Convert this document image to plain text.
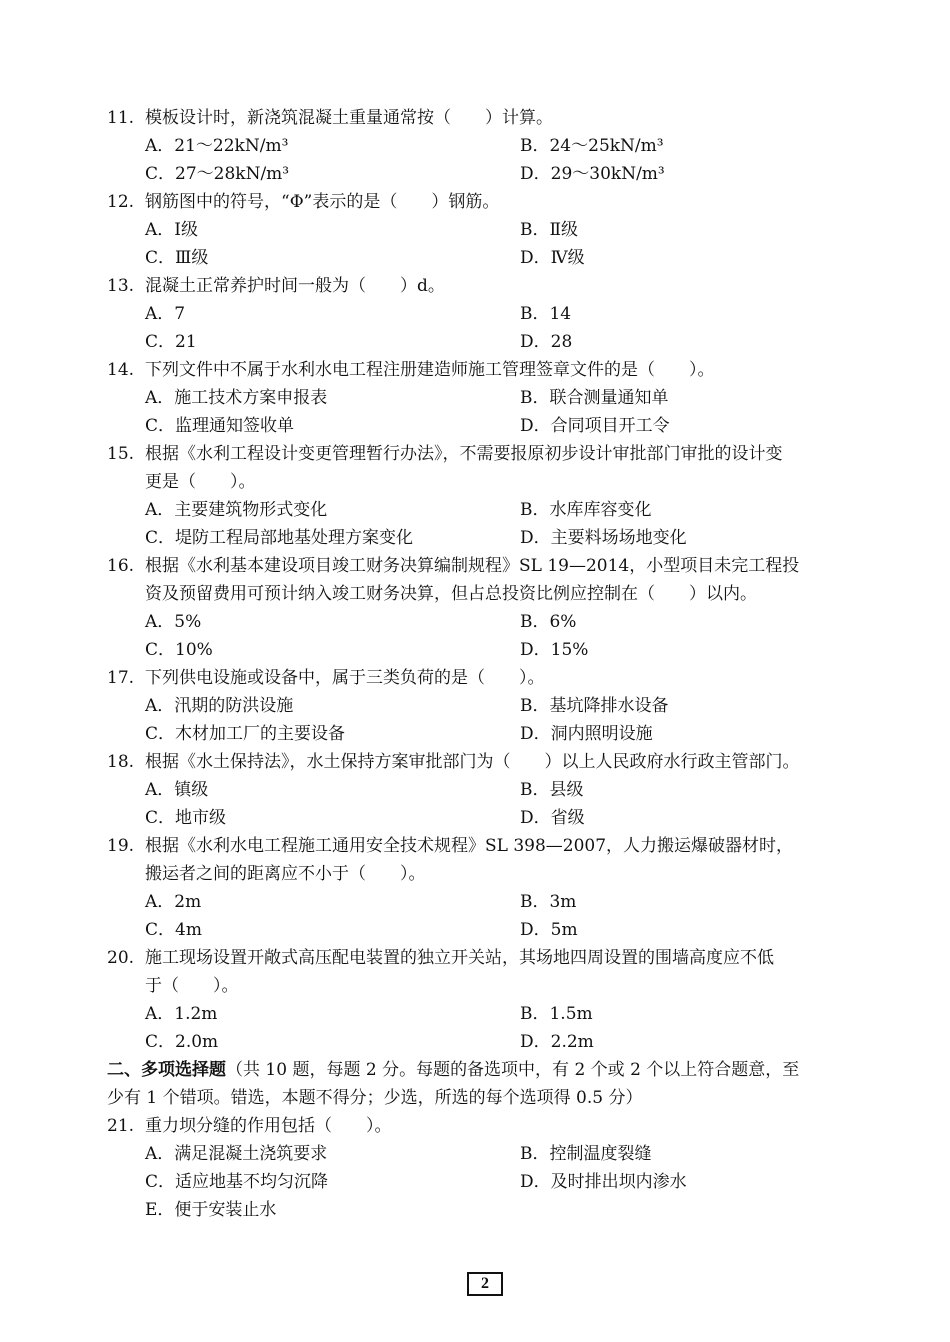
11. 模板设计时，新浇筑混凝土重量通常按（　　）计算。
A．21～22kN/m³	B．24～25kN/m³
C．27～28kN/m³	D．29～30kN/m³
12. 钢筋图中的符号，“Φ”表示的是（　　）钢筋。
A．Ⅰ级	B．Ⅱ级
C．Ⅲ级	D．Ⅳ级
13. 混凝土正常养护时间一般为（　　）d。
A．7	B．14
C．21	D．28
14. 下列文件中不属于水利水电工程注册建造师施工管理签章文件的是（　　）。
A．施工技术方案申报表	B．联合测量通知单
C．监理通知签收单	D．合同项目开工令
15. 根据《水利工程设计变更管理暂行办法》，不需要报原初步设计审批部门审批的设计变
更是（　　）。
A．主要建筑物形式变化	B．水库库容变化
C．堤防工程局部地基处理方案变化	D．主要料场场地变化
16. 根据《水利基本建设项目竣工财务决算编制规程》SL 19—2014，小型项目未完工程投
资及预留费用可预计纳入竣工财务决算，但占总投资比例应控制在（　　）以内。
A．5%	B．6%
C．10%	D．15%
17. 下列供电设施或设备中，属于三类负荷的是（　　）。
A．汛期的防洪设施	B．基坑降排水设备
C．木材加工厂的主要设备	D．洞内照明设施
18. 根据《水土保持法》，水土保持方案审批部门为（　　）以上人民政府水行政主管部门。
A．镇级	B．县级
C．地市级	D．省级
19. 根据《水利水电工程施工通用安全技术规程》SL 398—2007，人力搬运爆破器材时，
搬运者之间的距离应不小于（　　）。
A．2m	B．3m
C．4m	D．5m
20. 施工现场设置开敞式高压配电装置的独立开关站，其场地四周设置的围墙高度应不低
于（　　）。
A．1.2m	B．1.5m
C．2.0m	D．2.2m
二、多项选择题（共 10 题，每题 2 分。每题的备选项中，有 2 个或 2 个以上符合题意，至
少有 1 个错项。错选，本题不得分；少选，所选的每个选项得 0.5 分）
21. 重力坝分缝的作用包括（　　）。
A．满足混凝土浇筑要求	B．控制温度裂缝
C．适应地基不均匀沉降	D．及时排出坝内渗水
E．便于安装止水
2
